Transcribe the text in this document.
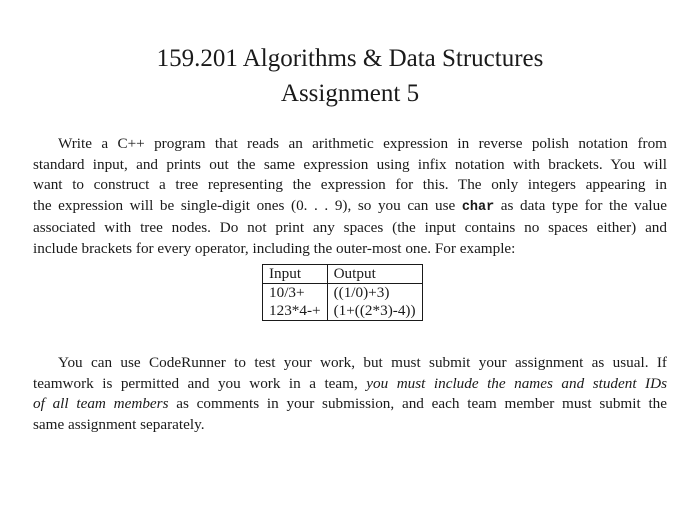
159.201 Algorithms & Data Structures
Assignment 5
Write a C++ program that reads an arithmetic expression in reverse polish notation from
standard input, and prints out the same expression using infix notation with brackets. You will
want to construct a tree representing the expression for this. The only integers appearing in
the expression will be single-digit ones (0. . . 9), so you can use char as data type for the value
associated with tree nodes. Do not print any spaces (the input contains no spaces either) and
include brackets for every operator, including the outer-most one. For example:
Input	Output
10/3+	((1/0)+3)
123*4-+	(1+((2*3)-4))
You can use CodeRunner to test your work, but must submit your assignment as usual. If
teamwork is permitted and you work in a team, you must include the names and student IDs
of all team members as comments in your submission, and each team member must submit the
same assignment separately.
